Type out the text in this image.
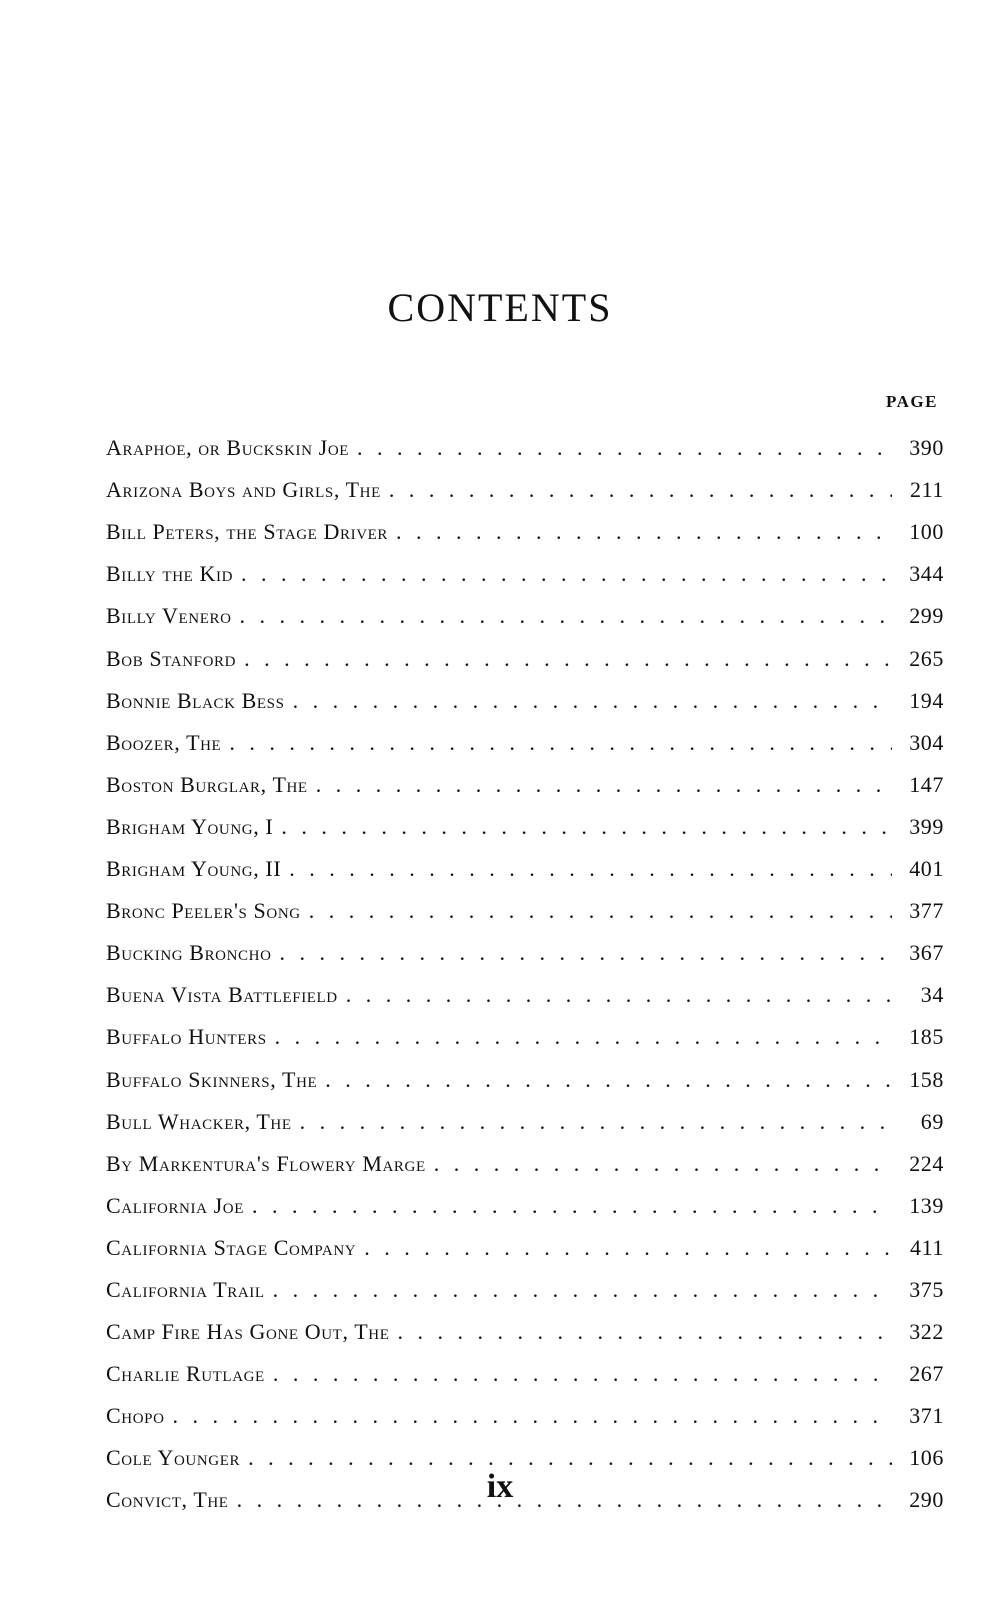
CONTENTS
PAGE
Araphoe, or Buckskin Joe . . .	390
Arizona Boys and Girls, The . . .	211
Bill Peters, the Stage Driver . . .	100
Billy the Kid . . .	344
Billy Venero . . .	299
Bob Stanford . . .	265
Bonnie Black Bess . . .	194
Boozer, The . . .	304
Boston Burglar, The . . .	147
Brigham Young, I . . .	399
Brigham Young, II . . .	401
Bronc Peeler's Song . . .	377
Bucking Broncho . . .	367
Buena Vista Battlefield . . .	34
Buffalo Hunters . . .	185
Buffalo Skinners, The . . .	158
Bull Whacker, The . . .	69
By Markentura's Flowery Marge . . .	224
California Joe . . .	139
California Stage Company . . .	411
California Trail . . .	375
Camp Fire Has Gone Out, The . . .	322
Charlie Rutlage . . .	267
Chopo . . .	371
Cole Younger . . .	106
Convict, The . . .	290
ix
